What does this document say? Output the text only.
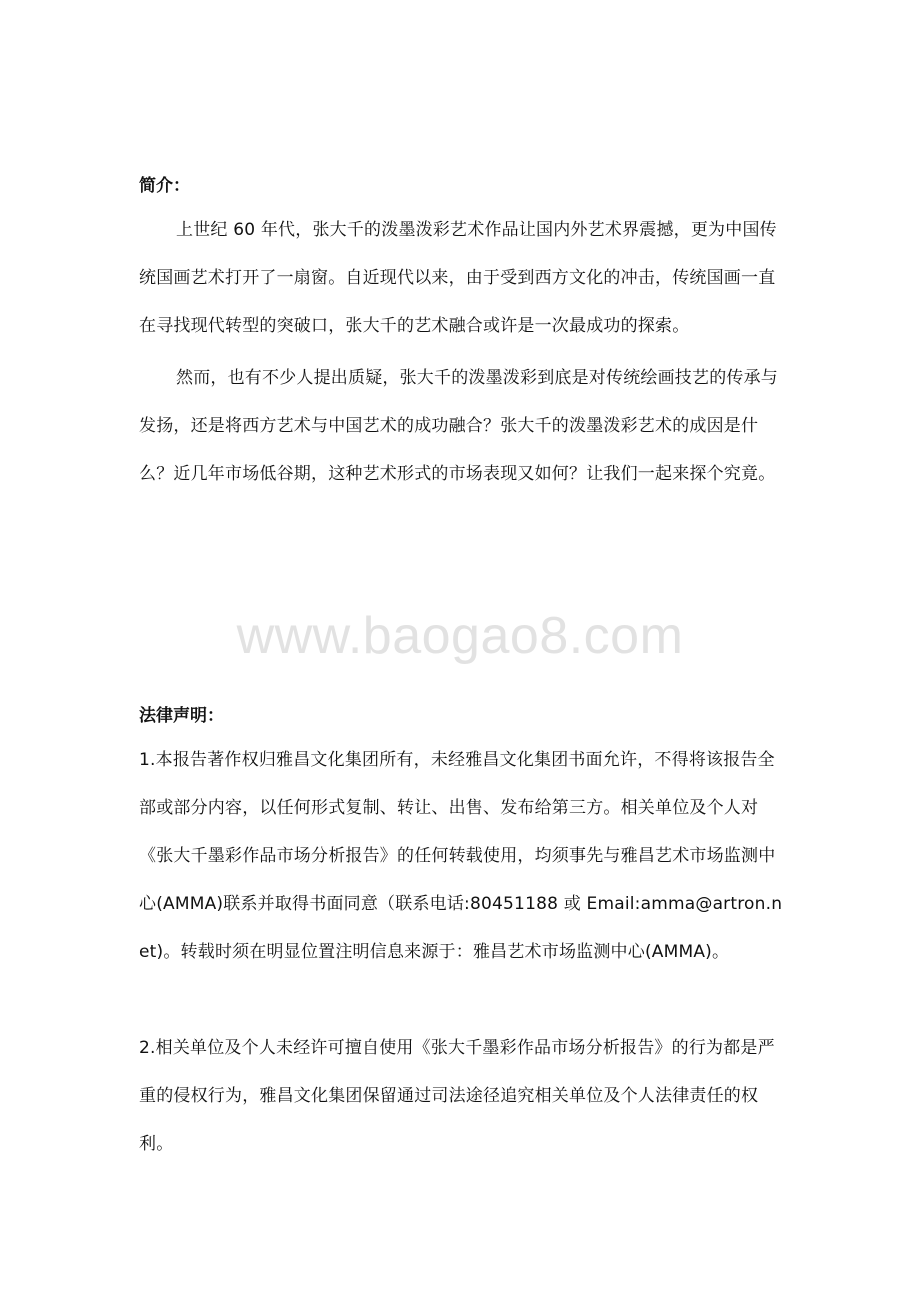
简介：

上世纪 60 年代，张大千的泼墨泼彩艺术作品让国内外艺术界震撼，更为中国传统国画艺术打开了一扇窗。自近现代以来，由于受到西方文化的冲击，传统国画一直在寻找现代转型的突破口，张大千的艺术融合或许是一次最成功的探索。

然而，也有不少人提出质疑，张大千的泼墨泼彩到底是对传统绘画技艺的传承与发扬，还是将西方艺术与中国艺术的成功融合？张大千的泼墨泼彩艺术的成因是什么？近几年市场低谷期，这种艺术形式的市场表现又如何？让我们一起来探个究竟。

法律声明：

1.本报告著作权归雅昌文化集团所有，未经雅昌文化集团书面允许，不得将该报告全部或部分内容，以任何形式复制、转让、出售、发布给第三方。相关单位及个人对《张大千墨彩作品市场分析报告》的任何转载使用，均须事先与雅昌艺术市场监测中心(AMMA)联系并取得书面同意（联系电话:80451188 或 Email:amma@artron.net)。转载时须在明显位置注明信息来源于：雅昌艺术市场监测中心(AMMA)。

2.相关单位及个人未经许可擅自使用《张大千墨彩作品市场分析报告》的行为都是严重的侵权行为，雅昌文化集团保留通过司法途径追究相关单位及个人法律责任的权利。

www.baogao8.com
